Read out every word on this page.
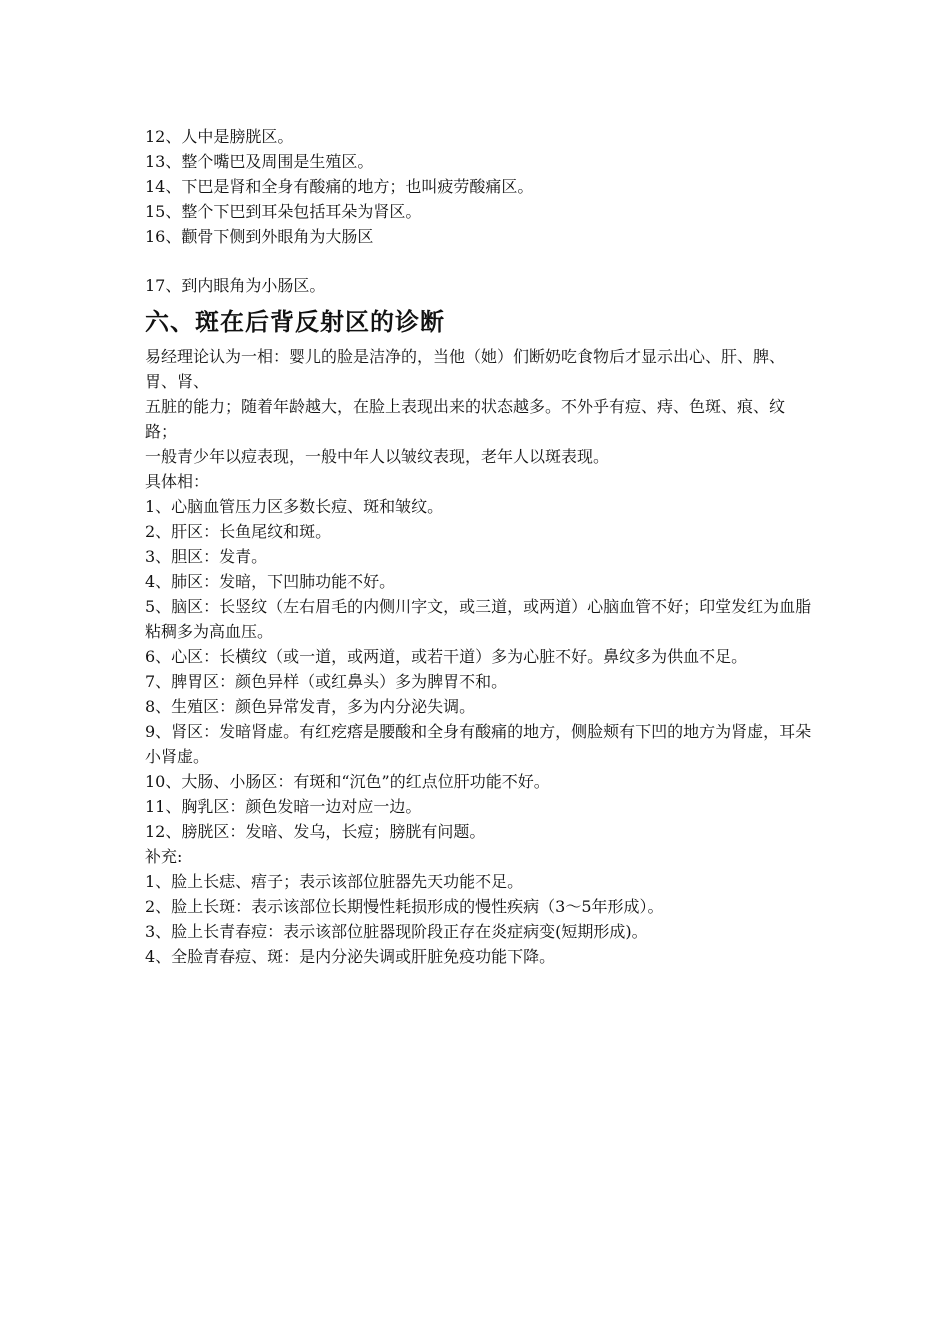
12、人中是膀胱区。
13、整个嘴巴及周围是生殖区。
14、下巴是肾和全身有酸痛的地方；也叫疲劳酸痛区。
15、整个下巴到耳朵包括耳朵为肾区。
16、颧骨下侧到外眼角为大肠区
17、到内眼角为小肠区。
六、斑在后背反射区的诊断
易经理论认为一相：婴儿的脸是洁净的，当他（她）们断奶吃食物后才显示出心、肝、脾、胃、肾、
五脏的能力；随着年龄越大，在脸上表现出来的状态越多。不外乎有痘、痔、色斑、痕、纹路；
一般青少年以痘表现，一般中年人以皱纹表现，老年人以斑表现。
具体相：
1、心脑血管压力区多数长痘、斑和皱纹。
2、肝区：长鱼尾纹和斑。
3、胆区：发青。
4、肺区：发暗，下凹肺功能不好。
5、脑区：长竖纹（左右眉毛的内侧川字文，或三道，或两道）心脑血管不好；印堂发红为血脂粘稠多为高血压。
6、心区：长横纹（或一道，或两道，或若干道）多为心脏不好。鼻纹多为供血不足。
7、脾胃区：颜色异样（或红鼻头）多为脾胃不和。
8、生殖区：颜色异常发青，多为内分泌失调。
9、肾区：发暗肾虚。有红疙瘩是腰酸和全身有酸痛的地方，侧脸颊有下凹的地方为肾虚，耳朵小肾虚。
10、大肠、小肠区：有斑和“沉色”的红点位肝功能不好。
11、胸乳区：颜色发暗一边对应一边。
12、膀胱区：发暗、发乌，长痘；膀胱有问题。
补充:
1、脸上长痣、痦子；表示该部位脏器先天功能不足。
2、脸上长斑：表示该部位长期慢性耗损形成的慢性疾病（3～5年形成）。
3、脸上长青春痘：表示该部位脏器现阶段正存在炎症病变(短期形成)。
4、全脸青春痘、斑：是内分泌失调或肝脏免疫功能下降。
